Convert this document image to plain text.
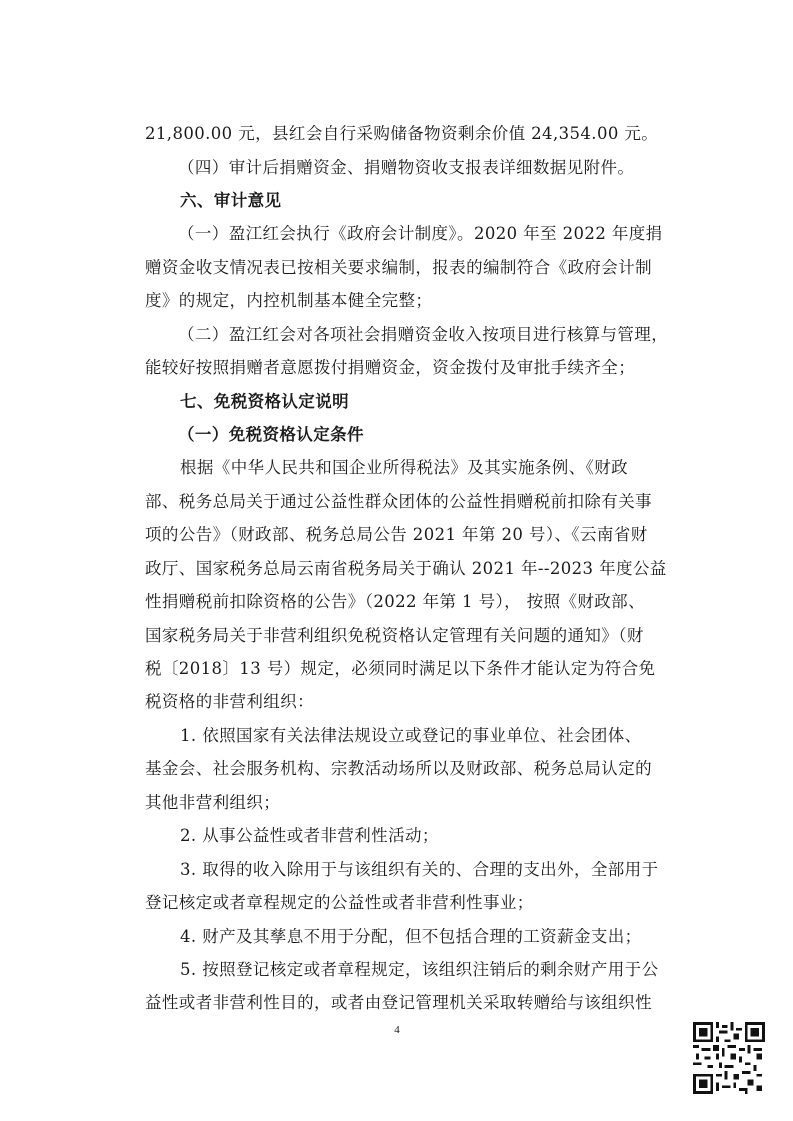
21,800.00 元，县红会自行采购储备物资剩余价值 24,354.00 元。
（四）审计后捐赠资金、捐赠物资收支报表详细数据见附件。
六、审计意见
（一）盈江红会执行《政府会计制度》。2020 年至 2022 年度捐
赠资金收支情况表已按相关要求编制，报表的编制符合《政府会计制
度》的规定，内控机制基本健全完整；
（二）盈江红会对各项社会捐赠资金收入按项目进行核算与管理，
能较好按照捐赠者意愿拨付捐赠资金，资金拨付及审批手续齐全；
七、免税资格认定说明
（一）免税资格认定条件
根据《中华人民共和国企业所得税法》及其实施条例、《财政
部、税务总局关于通过公益性群众团体的公益性捐赠税前扣除有关事
项的公告》（财政部、税务总局公告 2021 年第 20 号）、《云南省财
政厅、国家税务总局云南省税务局关于确认 2021 年--2023 年度公益
性捐赠税前扣除资格的公告》（2022 年第 1 号）， 按照《财政部、
国家税务局关于非营利组织免税资格认定管理有关问题的通知》（财
税〔2018〕13 号）规定，必须同时满足以下条件才能认定为符合免
税资格的非营利组织：
1. 依照国家有关法律法规设立或登记的事业单位、社会团体、
基金会、社会服务机构、宗教活动场所以及财政部、税务总局认定的
其他非营利组织；
2. 从事公益性或者非营利性活动；
3. 取得的收入除用于与该组织有关的、合理的支出外，全部用于
登记核定或者章程规定的公益性或者非营利性事业；
4. 财产及其孳息不用于分配，但不包括合理的工资薪金支出；
5. 按照登记核定或者章程规定，该组织注销后的剩余财产用于公
益性或者非营利性目的，或者由登记管理机关采取转赠给与该组织性
4
